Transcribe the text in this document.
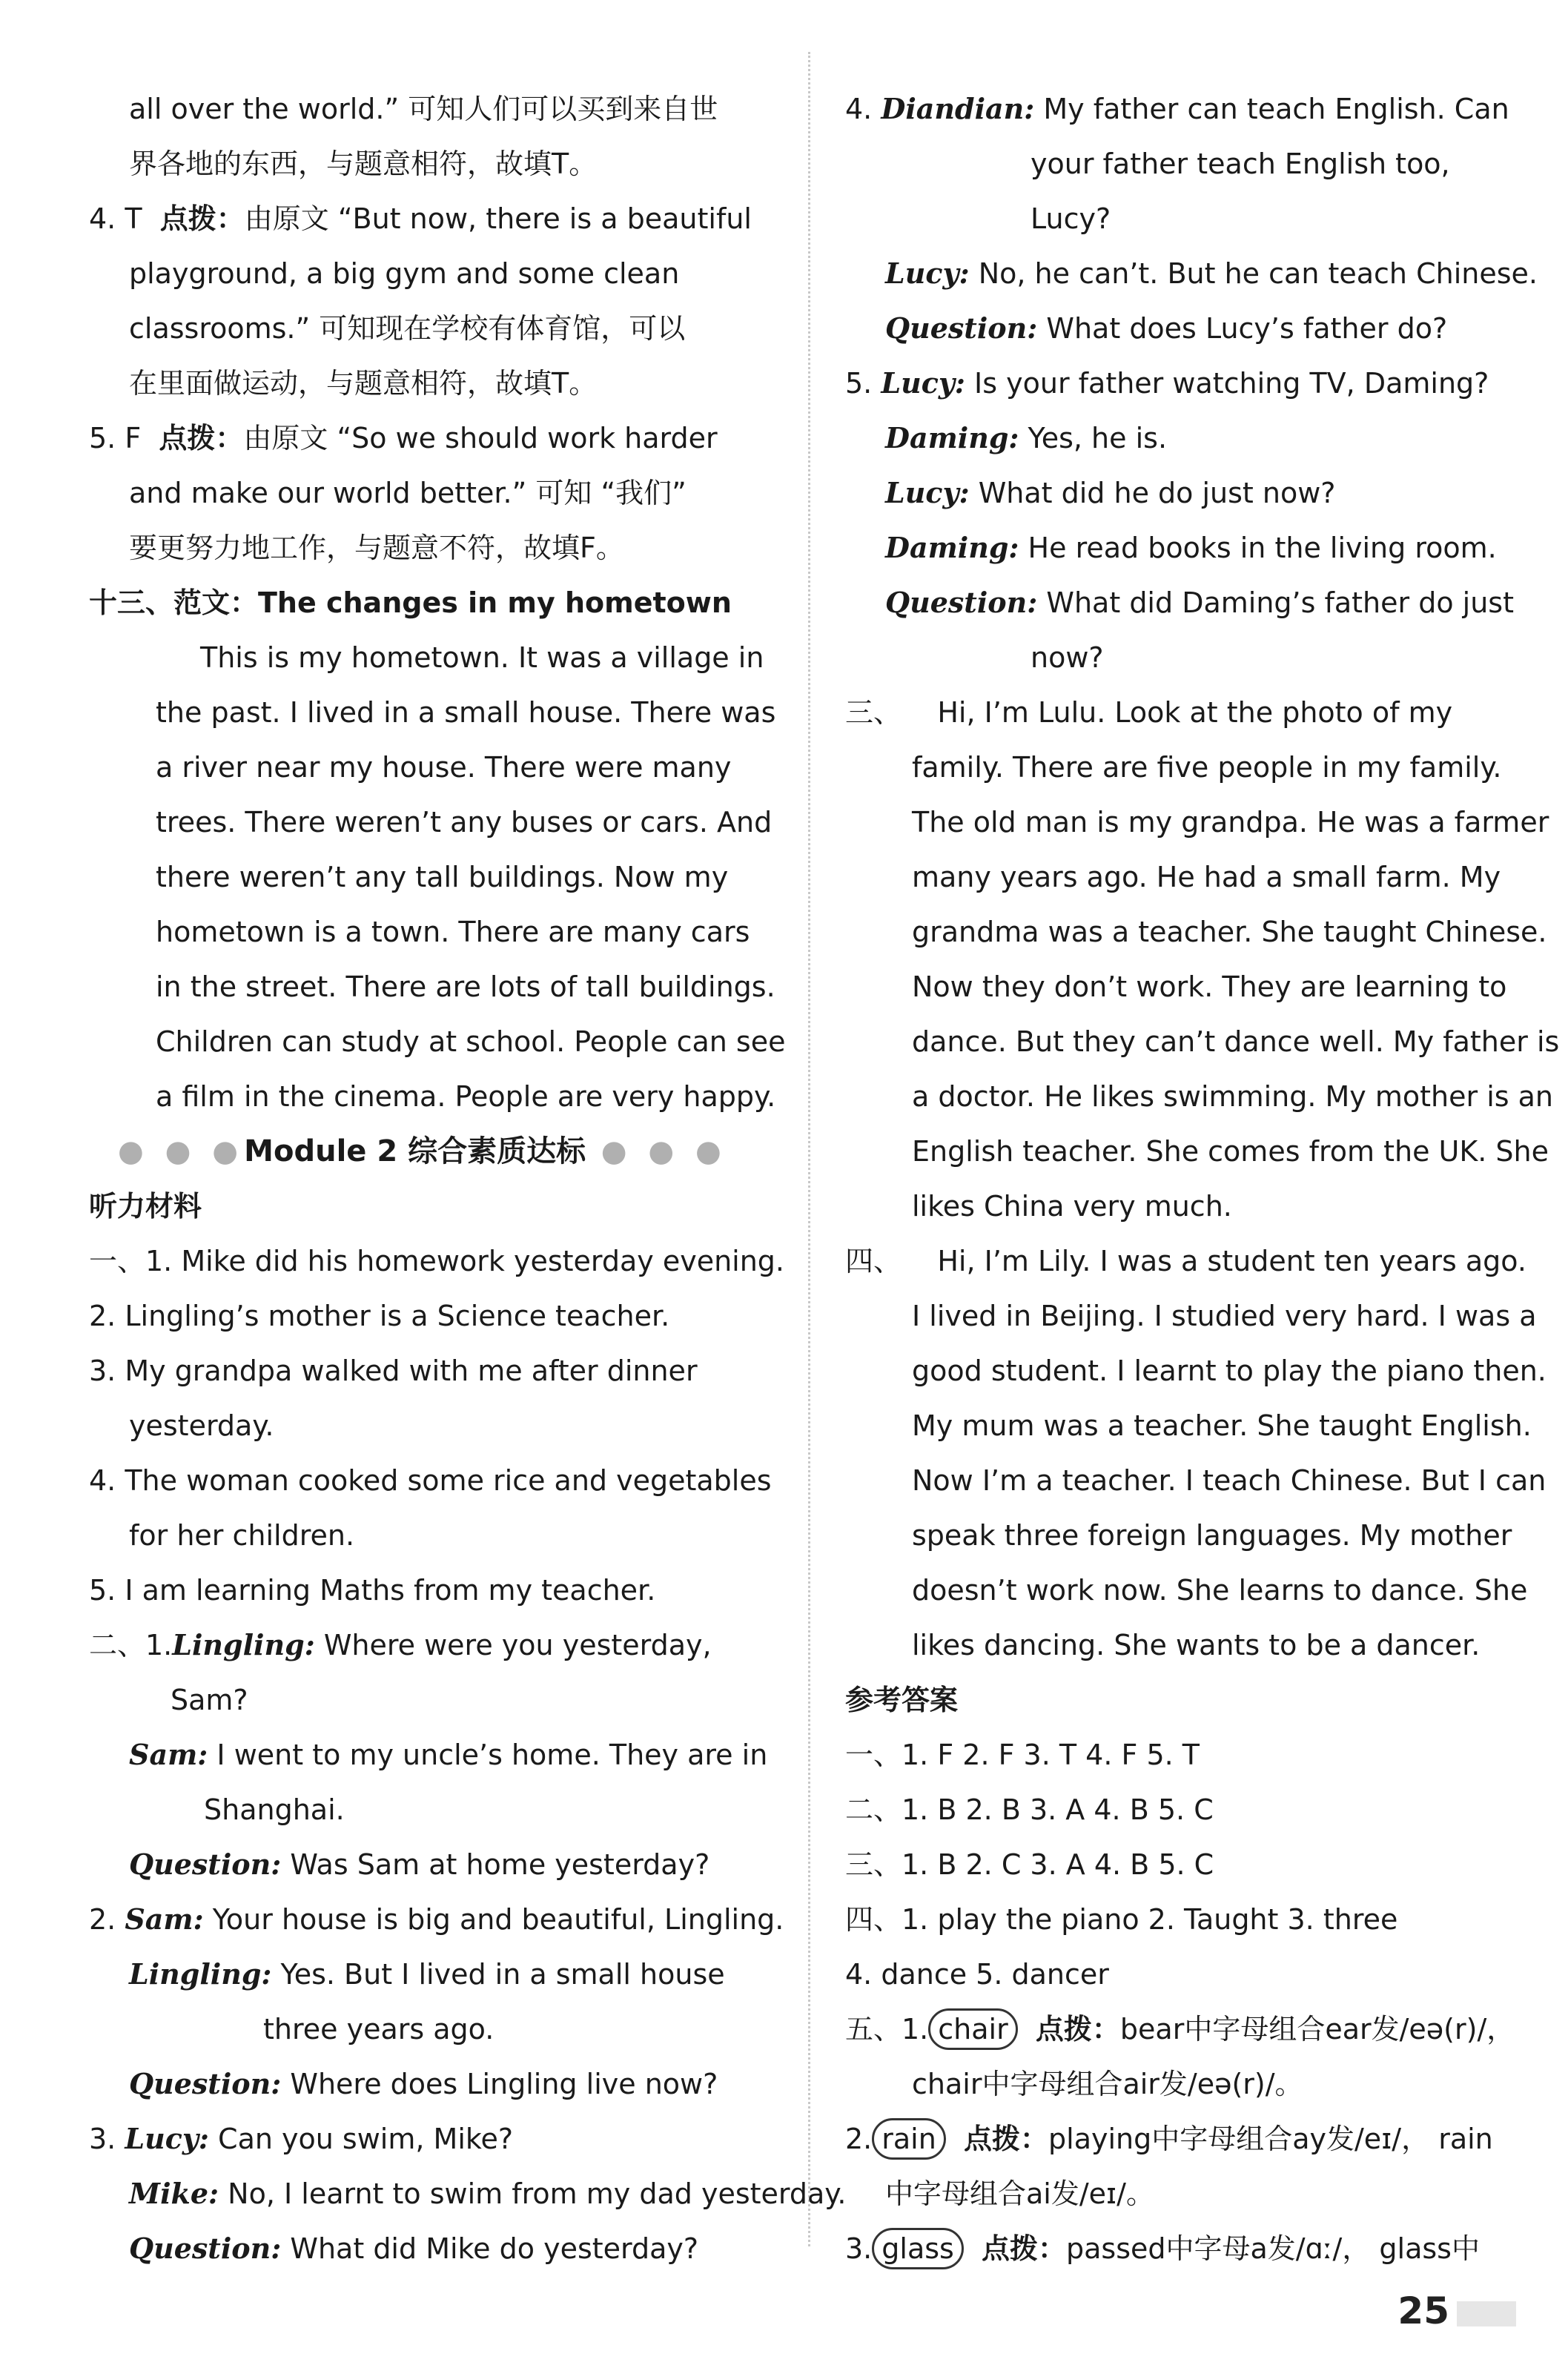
all over the world.” 可知人们可以买到来自世
界各地的东西，与题意相符，故填T。
4. T 点拨：由原文 “But now, there is a beautiful
playground, a big gym and some clean
classrooms.” 可知现在学校有体育馆，可以
在里面做运动，与题意相符，故填T。
5. F 点拨：由原文 “So we should work harder
and make our world better.” 可知 “我们”
要更努力地工作，与题意不符，故填F。
十三、范文：The changes in my hometown
This is my hometown. It was a village in
the past. I lived in a small house. There was
a river near my house. There were many
trees. There weren’t any buses or cars. And
there weren’t any tall buildings. Now my
hometown is a town. There are many cars
in the street. There are lots of tall buildings.
Children can study at school. People can see
a film in the cinema. People are very happy.
● ● ●Module 2 综合素质达标 ● ● ●
听力材料
一、1. Mike did his homework yesterday evening.
2. Lingling’s mother is a Science teacher.
3. My grandpa walked with me after dinner
yesterday.
4. The woman cooked some rice and vegetables
for her children.
5. I am learning Maths from my teacher.
二、1.Lingling: Where were you yesterday,
Sam?
Sam: I went to my uncle’s home. They are in
Shanghai.
Question: Was Sam at home yesterday?
2. Sam: Your house is big and beautiful, Lingling.
Lingling: Yes. But I lived in a small house
three years ago.
Question: Where does Lingling live now?
3. Lucy: Can you swim, Mike?
Mike: No, I learnt to swim from my dad yesterday.
Question: What did Mike do yesterday?
4. Diandian: My father can teach English. Can
your father teach English too,
Lucy?
Lucy: No, he can’t. But he can teach Chinese.
Question: What does Lucy’s father do?
5. Lucy: Is your father watching TV, Daming?
Daming: Yes, he is.
Lucy: What did he do just now?
Daming: He read books in the living room.
Question: What did Daming’s father do just
now?
三、 Hi, I’m Lulu. Look at the photo of my
family. There are five people in my family.
The old man is my grandpa. He was a farmer
many years ago. He had a small farm. My
grandma was a teacher. She taught Chinese.
Now they don’t work. They are learning to
dance. But they can’t dance well. My father is
a doctor. He likes swimming. My mother is an
English teacher. She comes from the UK. She
likes China very much.
四、 Hi, I’m Lily. I was a student ten years ago.
I lived in Beijing. I studied very hard. I was a
good student. I learnt to play the piano then.
My mum was a teacher. She taught English.
Now I’m a teacher. I teach Chinese. But I can
speak three foreign languages. My mother
doesn’t work now. She learns to dance. She
likes dancing. She wants to be a dancer.
参考答案
一、1. F 2. F 3. T 4. F 5. T
二、1. B 2. B 3. A 4. B 5. C
三、1. B 2. C 3. A 4. B 5. C
四、1. play the piano 2. Taught 3. three
4. dance 5. dancer
五、1. chair 点拨：bear中字母组合ear发/eə(r)/，
chair中字母组合air发/eə(r)/。
2. rain 点拨：playing中字母组合ay发/eɪ/， rain
中字母组合ai发/eɪ/。
3. glass 点拨：passed中字母a发/ɑː/， glass中
25
